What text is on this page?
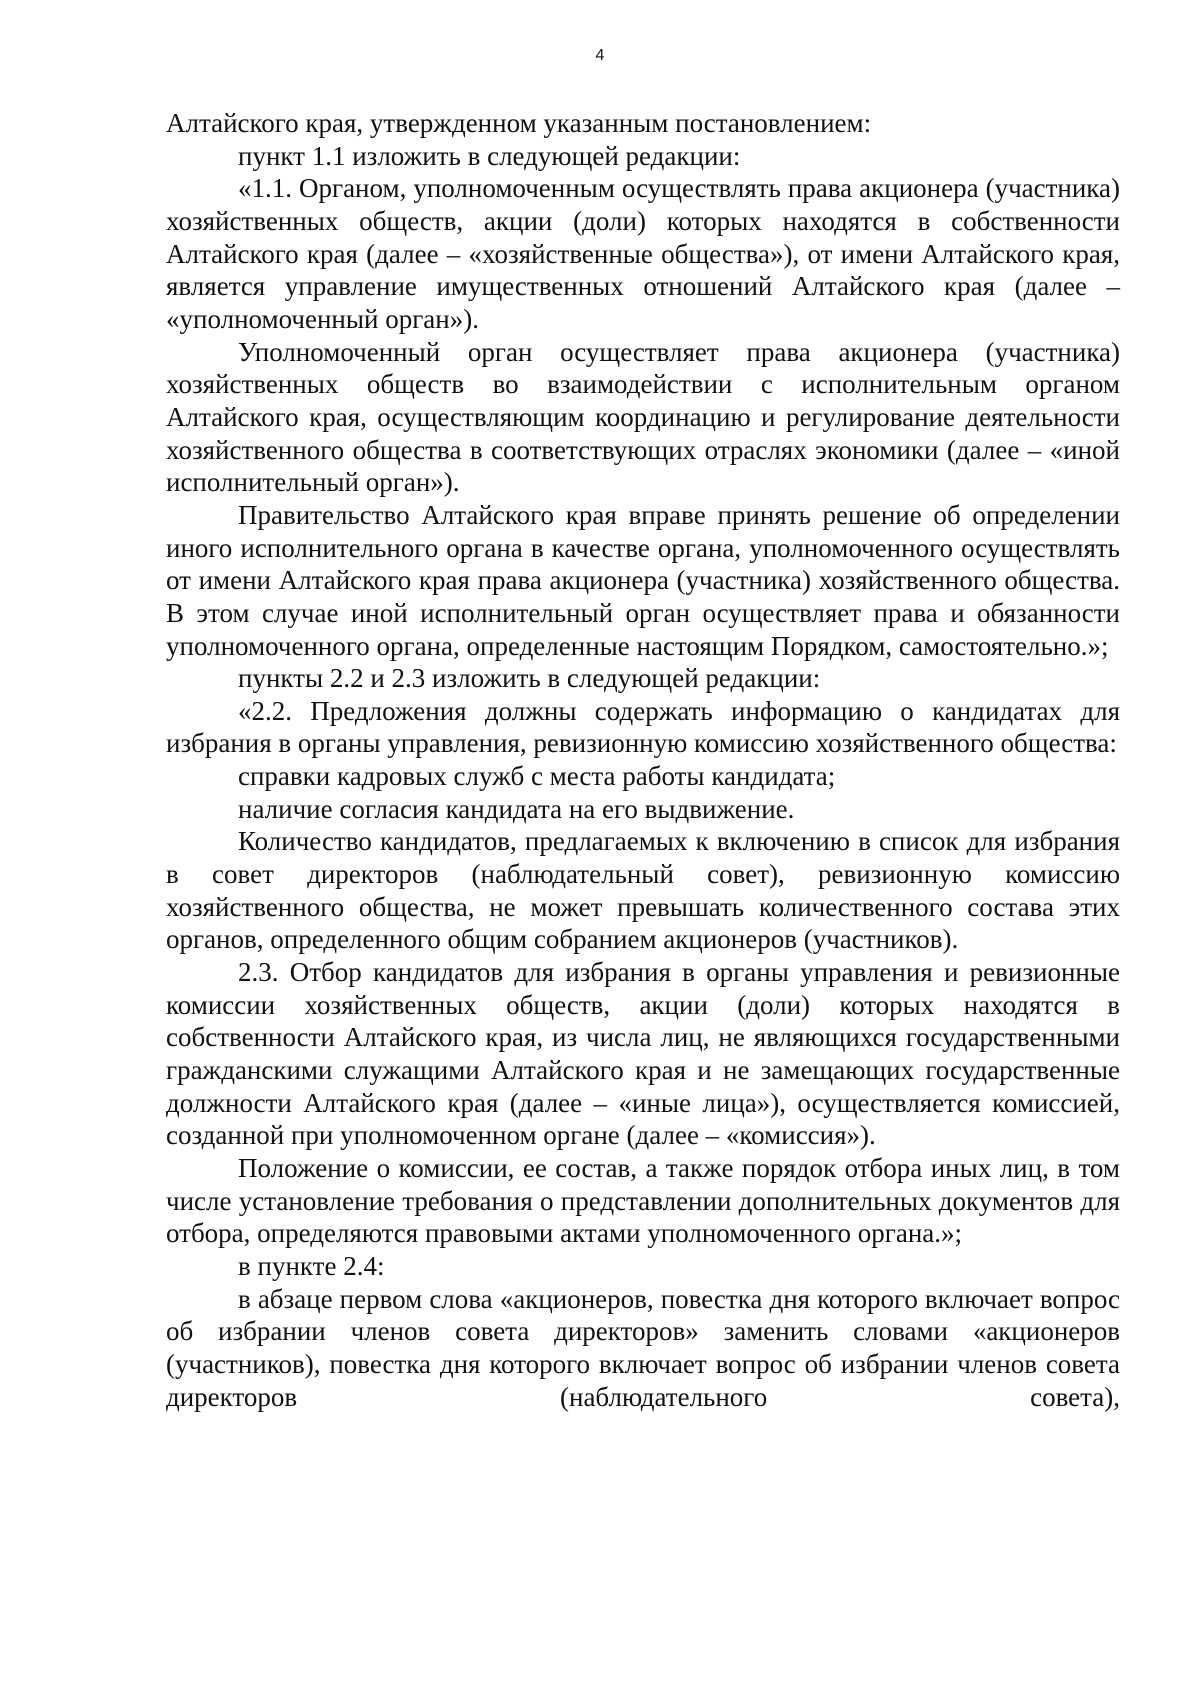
4

Алтайского края, утвержденном указанным постановлением:

пункт 1.1 изложить в следующей редакции:

«1.1. Органом, уполномоченным осуществлять права акционера (участника) хозяйственных обществ, акции (доли) которых находятся в собственности Алтайского края (далее – «хозяйственные общества»), от имени Алтайского края, является управление имущественных отношений Алтайского края (далее – «уполномоченный орган»).

Уполномоченный орган осуществляет права акционера (участника) хозяйственных обществ во взаимодействии с исполнительным органом Алтайского края, осуществляющим координацию и регулирование деятельности хозяйственного общества в соответствующих отраслях экономики (далее – «иной исполнительный орган»).

Правительство Алтайского края вправе принять решение об определении иного исполнительного органа в качестве органа, уполномоченного осуществлять от имени Алтайского края права акционера (участника) хозяйственного общества. В этом случае иной исполнительный орган осуществляет права и обязанности уполномоченного органа, определенные настоящим Порядком, самостоятельно.»;

пункты 2.2 и 2.3 изложить в следующей редакции:

«2.2. Предложения должны содержать информацию о кандидатах для избрания в органы управления, ревизионную комиссию хозяйственного общества:

справки кадровых служб с места работы кандидата;

наличие согласия кандидата на его выдвижение.

Количество кандидатов, предлагаемых к включению в список для избрания в совет директоров (наблюдательный совет), ревизионную комиссию хозяйственного общества, не может превышать количественного состава этих органов, определенного общим собранием акционеров (участников).

2.3. Отбор кандидатов для избрания в органы управления и ревизионные комиссии хозяйственных обществ, акции (доли) которых находятся в собственности Алтайского края, из числа лиц, не являющихся государственными гражданскими служащими Алтайского края и не замещающих государственные должности Алтайского края (далее – «иные лица»), осуществляется комиссией, созданной при уполномоченном органе (далее – «комиссия»).

Положение о комиссии, ее состав, а также порядок отбора иных лиц, в том числе установление требования о представлении дополнительных документов для отбора, определяются правовыми актами уполномоченного органа.»;

в пункте 2.4:

в абзаце первом слова «акционеров, повестка дня которого включает вопрос об избрании членов совета директоров» заменить словами «акционеров (участников), повестка дня которого включает вопрос об избрании членов совета директоров (наблюдательного совета),
